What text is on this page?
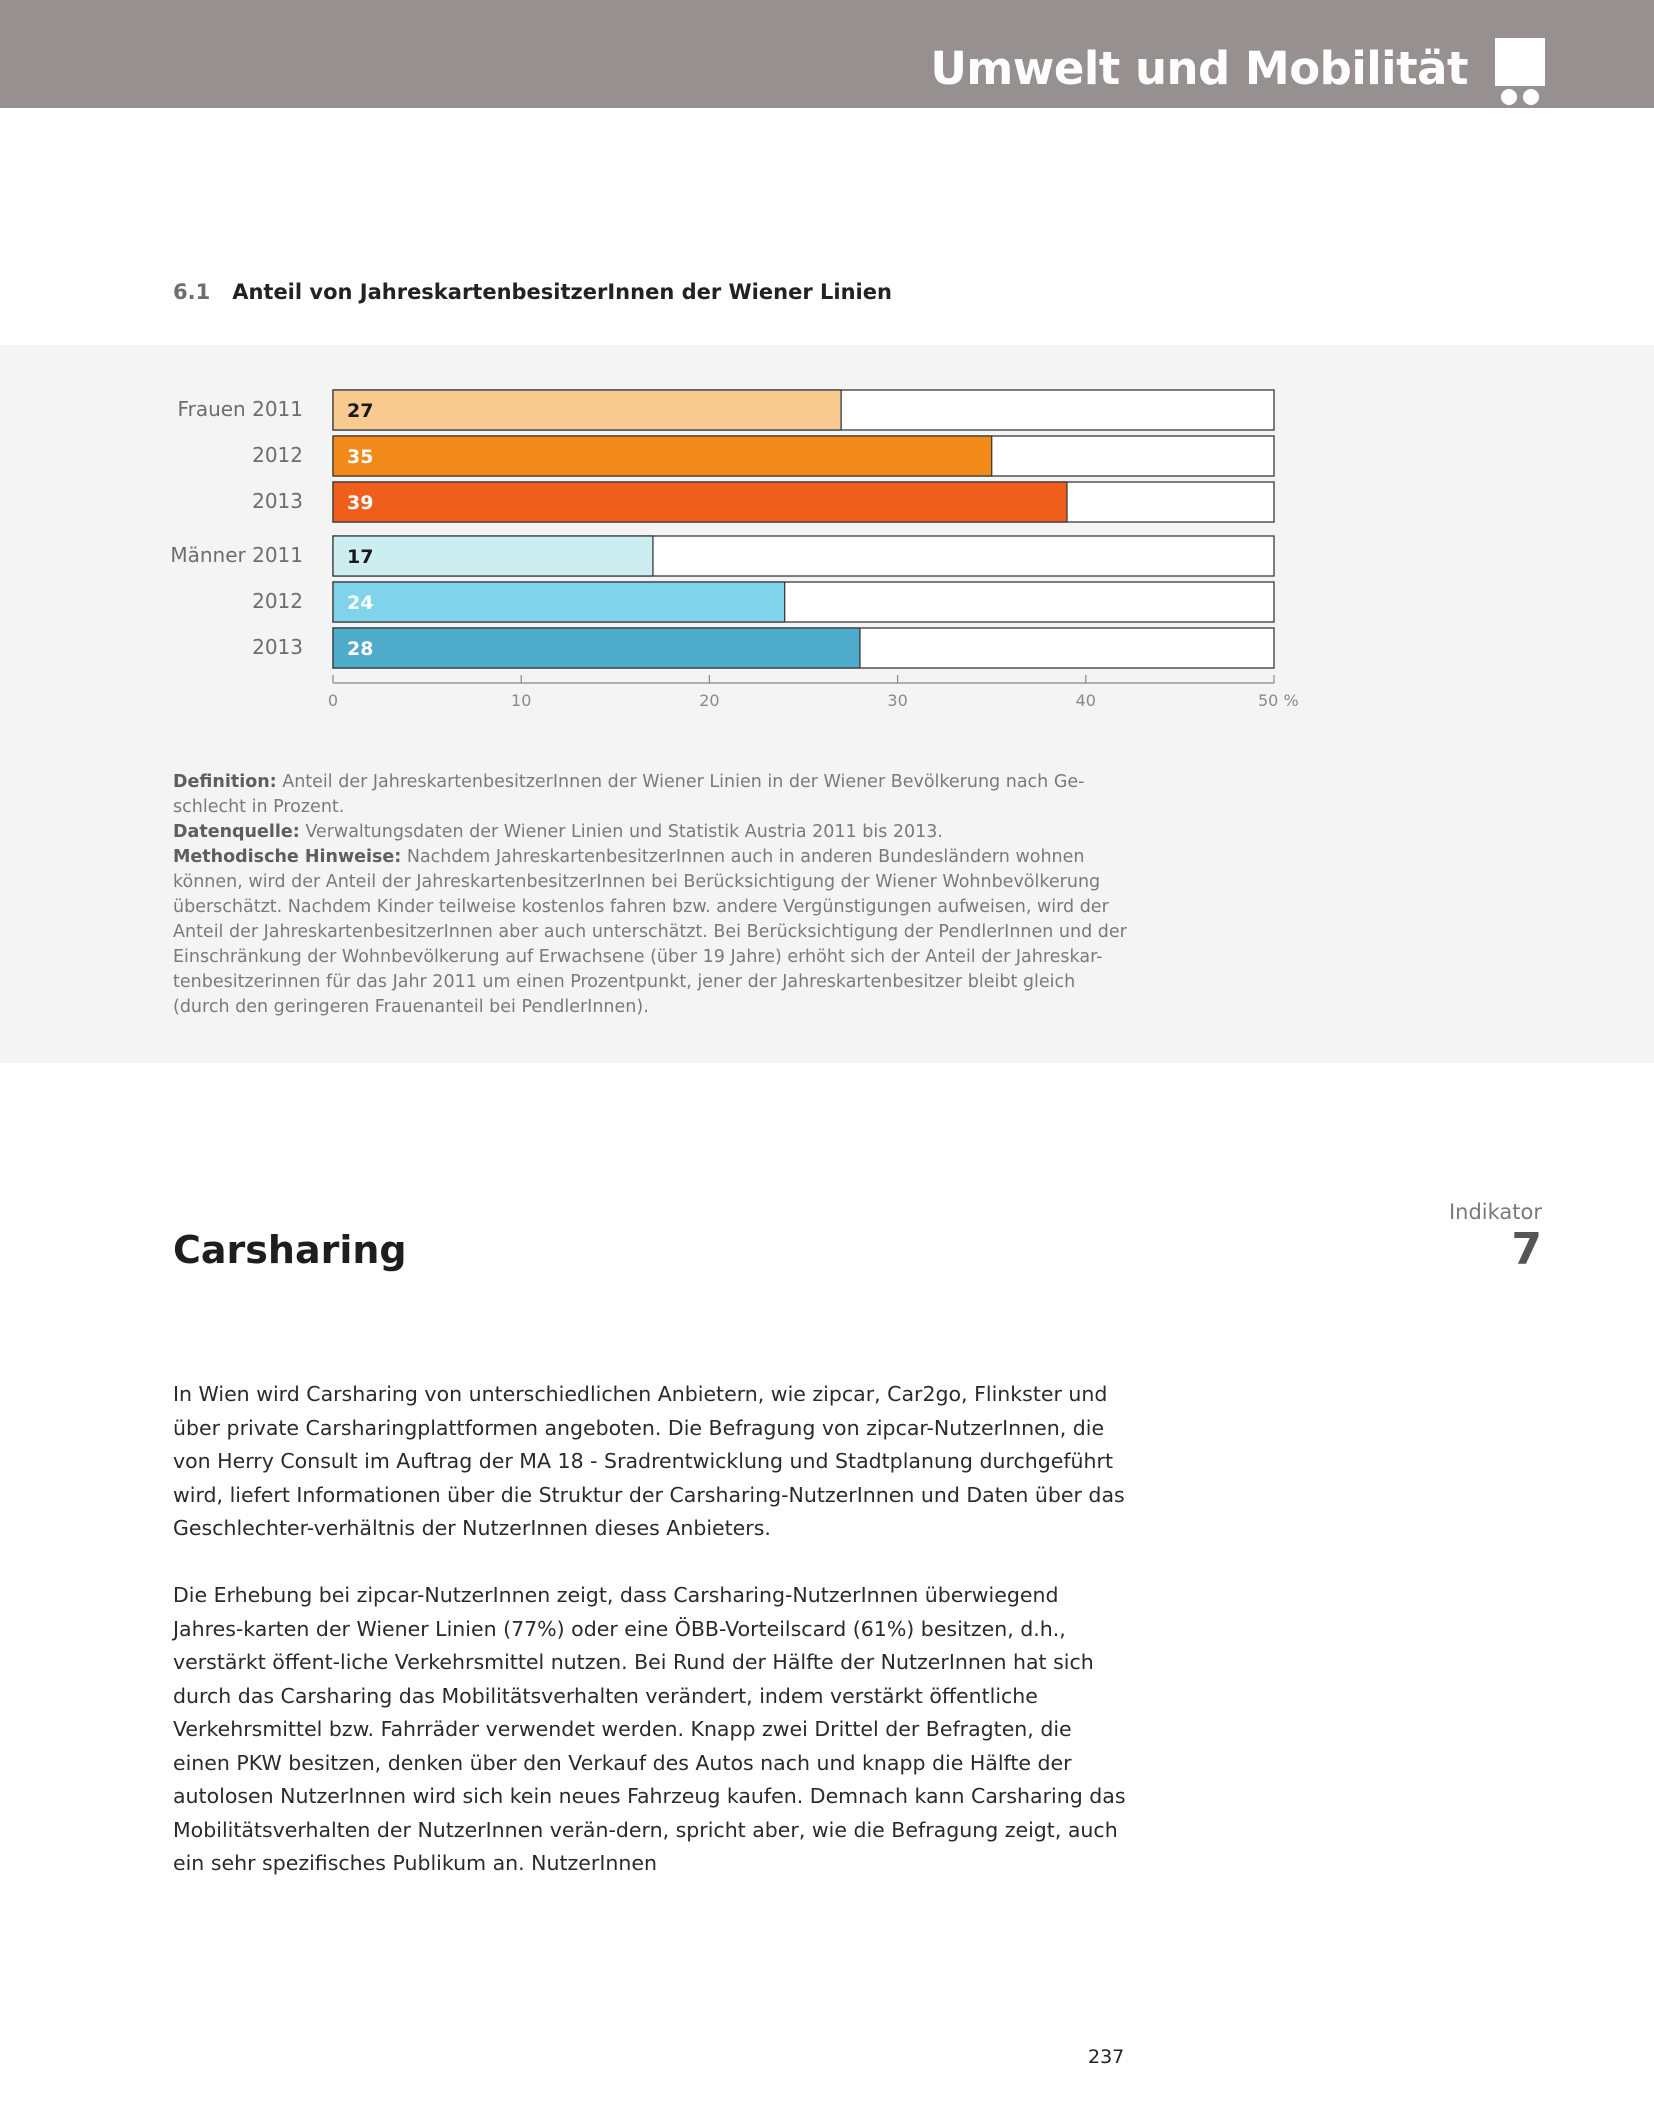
Umwelt und Mobilität
6.1 Anteil von JahreskartenbesitzerInnen der Wiener Linien
27
Frauen 2011
35
2012
39
2013
17
Männer 2011
24
2012
28
2013
0	10	20	30	40	50 %

Definition: Anteil der JahreskartenbesitzerInnen der Wiener Linien in der Wiener Bevölkerung nach Ge-schlecht in Prozent.

Datenquelle: Verwaltungsdaten der Wiener Linien und Statistik Austria 2011 bis 2013.

Methodische Hinweise: Nachdem JahreskartenbesitzerInnen auch in anderen Bundesländern wohnen können, wird der Anteil der JahreskartenbesitzerInnen bei Berücksichtigung der Wiener Wohnbevölkerung überschätzt. Nachdem Kinder teilweise kostenlos fahren bzw. andere Vergünstigungen aufweisen, wird der Anteil der JahreskartenbesitzerInnen aber auch unterschätzt. Bei Berücksichtigung der PendlerInnen und der Einschränkung der Wohnbevölkerung auf Erwachsene (über 19 Jahre) erhöht sich der Anteil der Jahreskar-tenbesitzerinnen für das Jahr 2011 um einen Prozentpunkt, jener der Jahreskartenbesitzer bleibt gleich (durch den geringeren Frauenanteil bei PendlerInnen).

Carsharing
Indikator
7

In Wien wird Carsharing von unterschiedlichen Anbietern, wie zipcar, Car2go, Flinkster und über private Carsharingplattformen angeboten. Die Befragung von zipcar-NutzerInnen, die von Herry Consult im Auftrag der MA 18 - Sradrentwicklung und Stadtplanung durchgeführt wird, liefert Informationen über die Struktur der Carsharing-NutzerInnen und Daten über das Geschlechter-verhältnis der NutzerInnen dieses Anbieters.

Die Erhebung bei zipcar-NutzerInnen zeigt, dass Carsharing-NutzerInnen überwiegend Jahres-karten der Wiener Linien (77%) oder eine ÖBB-Vorteilscard (61%) besitzen, d.h., verstärkt öffent-liche Verkehrsmittel nutzen. Bei Rund der Hälfte der NutzerInnen hat sich durch das Carsharing das Mobilitätsverhalten verändert, indem verstärkt öffentliche Verkehrsmittel bzw. Fahrräder verwendet werden. Knapp zwei Drittel der Befragten, die einen PKW besitzen, denken über den Verkauf des Autos nach und knapp die Hälfte der autolosen NutzerInnen wird sich kein neues Fahrzeug kaufen. Demnach kann Carsharing das Mobilitätsverhalten der NutzerInnen verän-dern, spricht aber, wie die Befragung zeigt, auch ein sehr spezifisches Publikum an. NutzerInnen

237
